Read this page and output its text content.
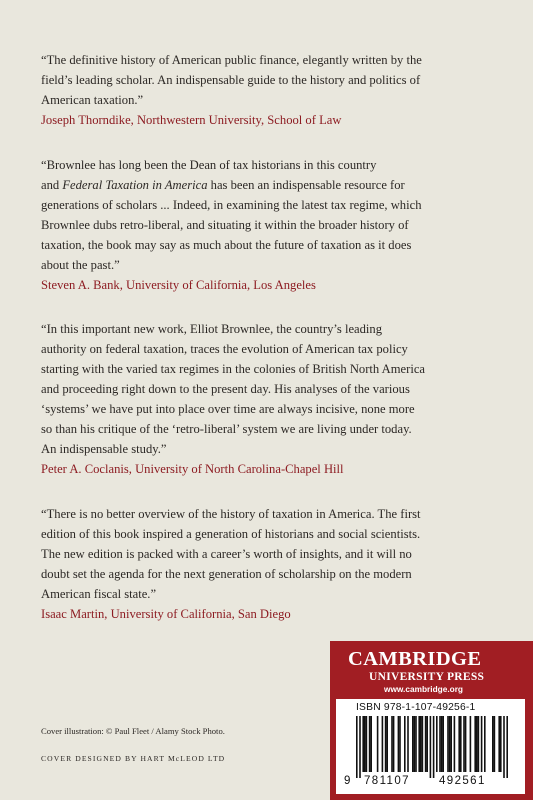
“The definitive history of American public finance, elegantly written by the
field’s leading scholar. An indispensable guide to the history and politics of
American taxation.”

Joseph Thorndike, Northwestern University, School of Law

“Brownlee has long been the Dean of tax historians in this country
and Federal Taxation in America has been an indispensable resource for
generations of scholars ... Indeed, in examining the latest tax regime, which
Brownlee dubs retro-liberal, and situating it within the broader history of
taxation, the book may say as much about the future of taxation as it does
about the past.”

Steven A. Bank, University of California, Los Angeles

“In this important new work, Elliot Brownlee, the country’s leading
authority on federal taxation, traces the evolution of American tax policy
starting with the varied tax regimes in the colonies of British North America
and proceeding right down to the present day. His analyses of the various
‘systems’ we have put into place over time are always incisive, none more
so than his critique of the ‘retro-liberal’ system we are living under today.
An indispensable study.”

Peter A. Coclanis, University of North Carolina-Chapel Hill

“There is no better overview of the history of taxation in America. The first
edition of this book inspired a generation of historians and social scientists.
The new edition is packed with a career’s worth of insights, and it will no
doubt set the agenda for the next generation of scholarship on the modern
American fiscal state.”

Isaac Martin, University of California, San Diego

Cover illustration: © Paul Fleet / Alamy Stock Photo.

COVER DESIGNED BY HART McLEOD LTD

CAMBRIDGE
UNIVERSITY PRESS
www.cambridge.org
ISBN 978-1-107-49256-1
9 781107	492561
